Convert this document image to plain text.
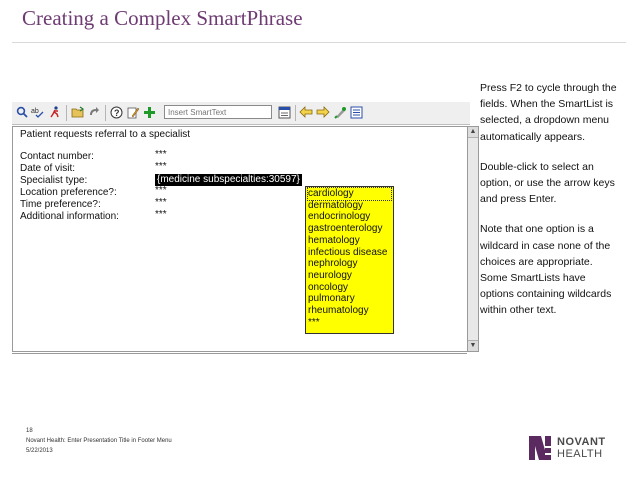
Creating a Complex SmartPhrase
ab	?
Insert SmartText
Patient requests referral to a specialist
Contact number:	***
Date of visit:	***
Specialist type:	{medicine subspecialties:30597}
Location preference?:	***
Time preference?:	***
Additional information:	***
cardiology
dermatology
endocrinology
gastroenterology
hematology
infectious disease
nephrology
neurology
oncology
pulmonary
rheumatology
***
▲
▼

Press F2 to cycle through the fields. When the SmartList is selected, a dropdown menu automatically appears.

Double-click to select an option, or use the arrow keys and press Enter.

Note that one option is a wildcard in case none of the choices are appropriate. Some SmartLists have options containing wildcards within other text.

18
Novant Health: Enter Presentation Title in Footer Menu
5/22/2013
NOVANT
HEALTH
